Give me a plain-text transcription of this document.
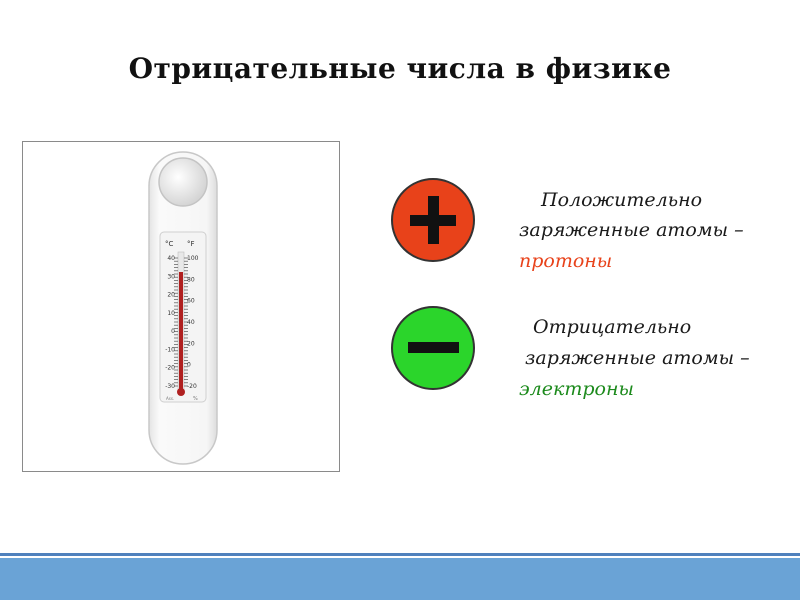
Отрицательные числа в физике
°C °F
40
30
20
10
0
-10
-20
-30
100
80
60
40
20
0
-20
Ass.	%
Положительно
заряженные атомы –
протоны
Отрицательно
заряженные атомы –
электроны
